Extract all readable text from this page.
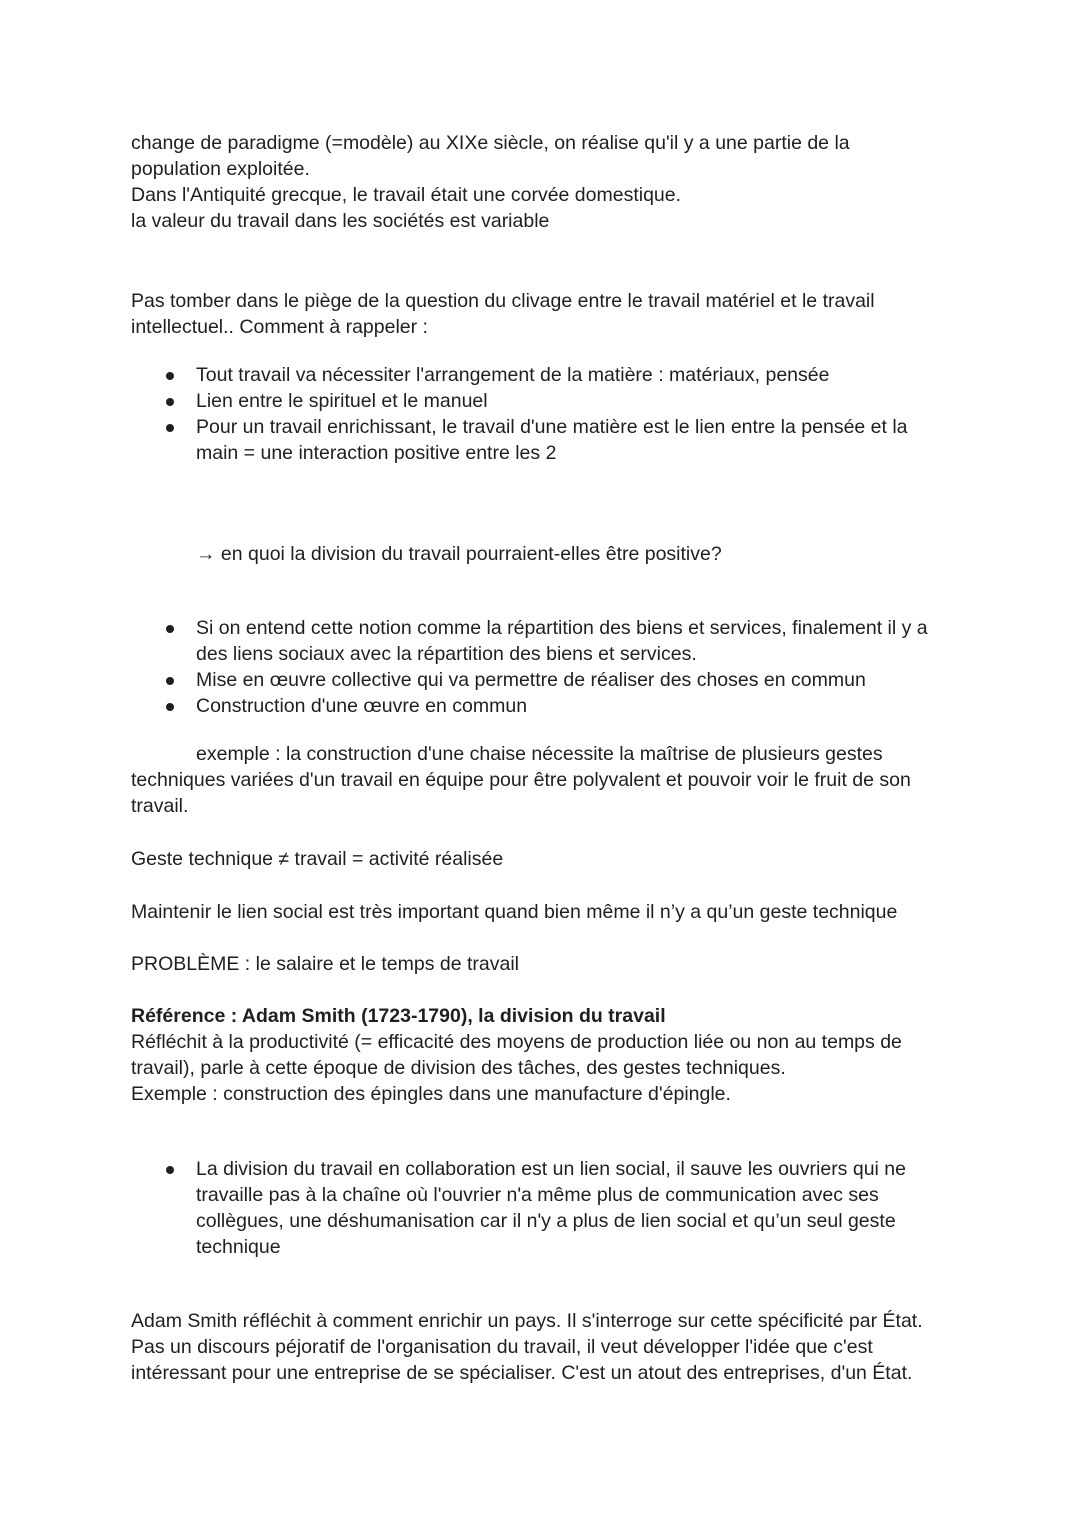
change de paradigme (=modèle) au XIXe siècle, on réalise qu'il y a une partie de la
population exploitée.
Dans l'Antiquité grecque, le travail était une corvée domestique.
la valeur du travail dans les sociétés est variable

Pas tomber dans le piège de la question du clivage entre le travail matériel et le travail
intellectuel.. Comment à rappeler :

Tout travail va nécessiter l'arrangement de la matière : matériaux, pensée
Lien entre le spirituel et le manuel
Pour un travail enrichissant, le travail d'une matière est le lien entre la pensée et la
main = une interaction positive entre les 2

→ en quoi la division du travail pourraient-elles être positive?

Si on entend cette notion comme la répartition des biens et services, finalement il y a
des liens sociaux avec la répartition des biens et services.
Mise en œuvre collective qui va permettre de réaliser des choses en commun
Construction d'une œuvre en commun

exemple : la construction d'une chaise nécessite la maîtrise de plusieurs gestes
techniques variées d'un travail en équipe pour être polyvalent et pouvoir voir le fruit de son
travail.

Geste technique ≠ travail = activité réalisée

Maintenir le lien social est très important quand bien même il n’y a qu’un geste technique

PROBLÈME : le salaire et le temps de travail

Référence : Adam Smith (1723-1790), la division du travail
Réfléchit à la productivité (= efficacité des moyens de production liée ou non au temps de
travail), parle à cette époque de division des tâches, des gestes techniques.
Exemple : construction des épingles dans une manufacture d'épingle.

La division du travail en collaboration est un lien social, il sauve les ouvriers qui ne
travaille pas à la chaîne où l'ouvrier n'a même plus de communication avec ses
collègues, une déshumanisation car il n'y a plus de lien social et qu’un seul geste
technique

Adam Smith réfléchit à comment enrichir un pays. Il s'interroge sur cette spécificité par État.
Pas un discours péjoratif de l'organisation du travail, il veut développer l'idée que c'est
intéressant pour une entreprise de se spécialiser. C'est un atout des entreprises, d'un État.
